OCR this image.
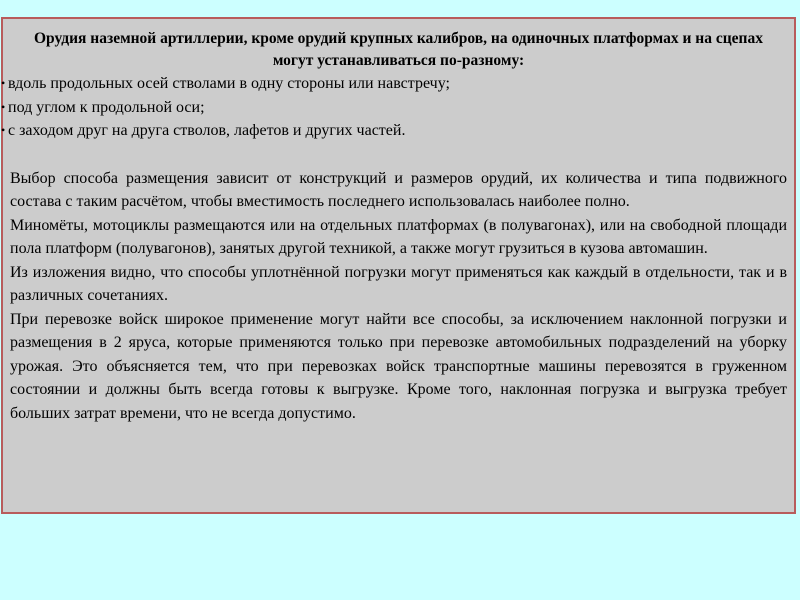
Орудия наземной артиллерии, кроме орудий крупных калибров, на одиночных платформах и на сцепах могут устанавливаться по-разному:
• вдоль продольных осей стволами в одну стороны или навстречу;
• под углом к продольной оси;
• с заходом друг на друга стволов, лафетов и других частей.

Выбор способа размещения зависит от конструкций и размеров орудий, их количества и типа подвижного состава с таким расчётом, чтобы вместимость последнего использовалась наиболее полно.

Миномёты, мотоциклы размещаются или на отдельных платформах (в полувагонах), или на свободной площади пола платформ (полувагонов), занятых другой техникой, а также могут грузиться в кузова автомашин.

Из изложения видно, что способы уплотнённой погрузки могут применяться как каждый в отдельности, так и в различных сочетаниях.

При перевозке войск широкое применение могут найти все способы, за исключением наклонной погрузки и размещения в 2 яруса, которые применяются только при перевозке автомобильных подразделений на уборку урожая. Это объясняется тем, что при перевозках войск транспортные машины перевозятся в груженном состоянии и должны быть всегда готовы к выгрузке. Кроме того, наклонная погрузка и выгрузка требует больших затрат времени, что не всегда допустимо.
